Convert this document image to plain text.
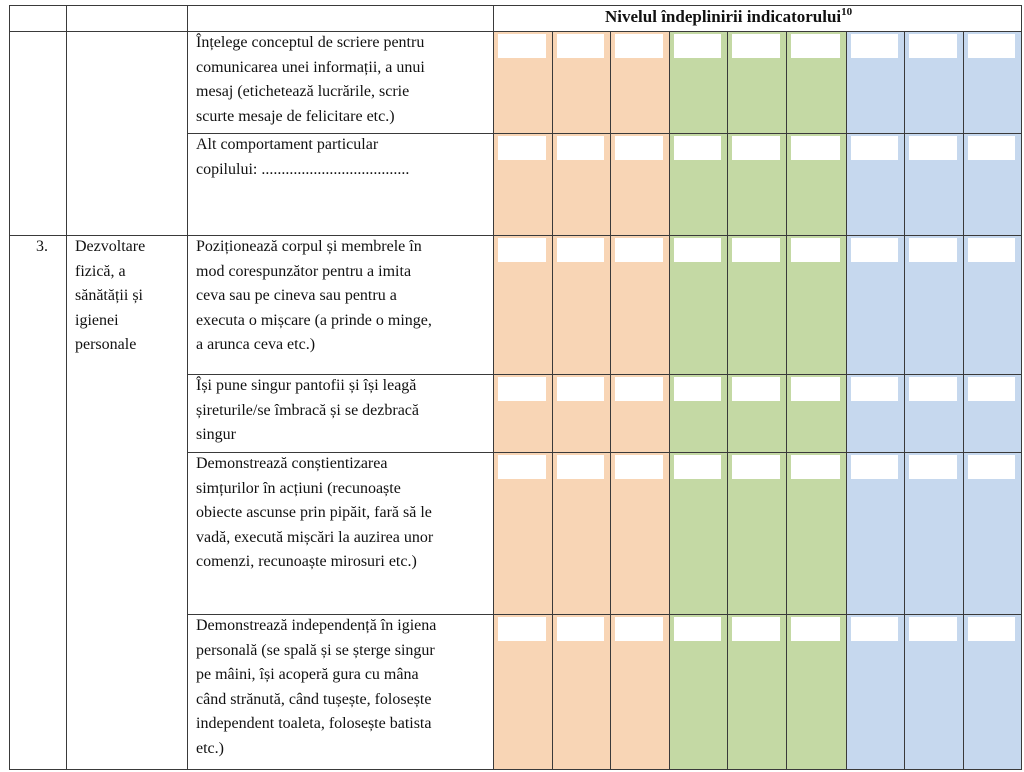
Nivelul îndeplinirii indicatorului$^{10}$
Înțelege conceptul de scriere pentru
comunicarea unei informații, a unui
mesaj (etichetează lucrările, scrie
scurte mesaje de felicitare etc.)
Alt comportament particular
copilului: .....................................
3. Dezvoltare
fizică, a
sănătății și
igienei
personale
Poziționează corpul și membrele în
mod corespunzător pentru a imita
ceva sau pe cineva sau pentru a
executa o mișcare (a prinde o minge,
a arunca ceva etc.)
Își pune singur pantofii și își leagă
șireturile/se îmbracă și se dezbracă
singur
Demonstrează conștientizarea
simțurilor în acțiuni (recunoaște
obiecte ascunse prin pipăit, fară să le
vadă, execută mișcări la auzirea unor
comenzi, recunoaște mirosuri etc.)
Demonstrează independență în igiena
personală (se spală și se șterge singur
pe mâini, își acoperă gura cu mâna
când strănută, când tușește, folosește
independent toaleta, folosește batista
etc.)
